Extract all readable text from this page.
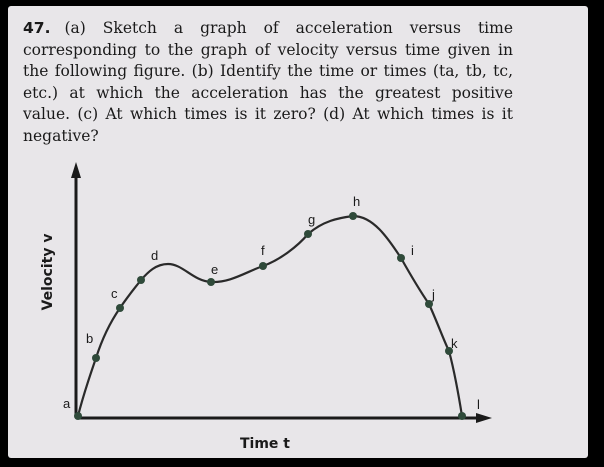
47. (a) Sketch a graph of acceleration versus time corresponding to the graph of velocity versus time given in the following figure. (b) Identify the time or times (ta, tb, tc, etc.) at which the acceleration has the greatest positive value. (c) At which times is it zero? (d) At which times is it negative?
a
b
c
d
e
f
g
h
i
j
k
l
Velocity v
Time t
